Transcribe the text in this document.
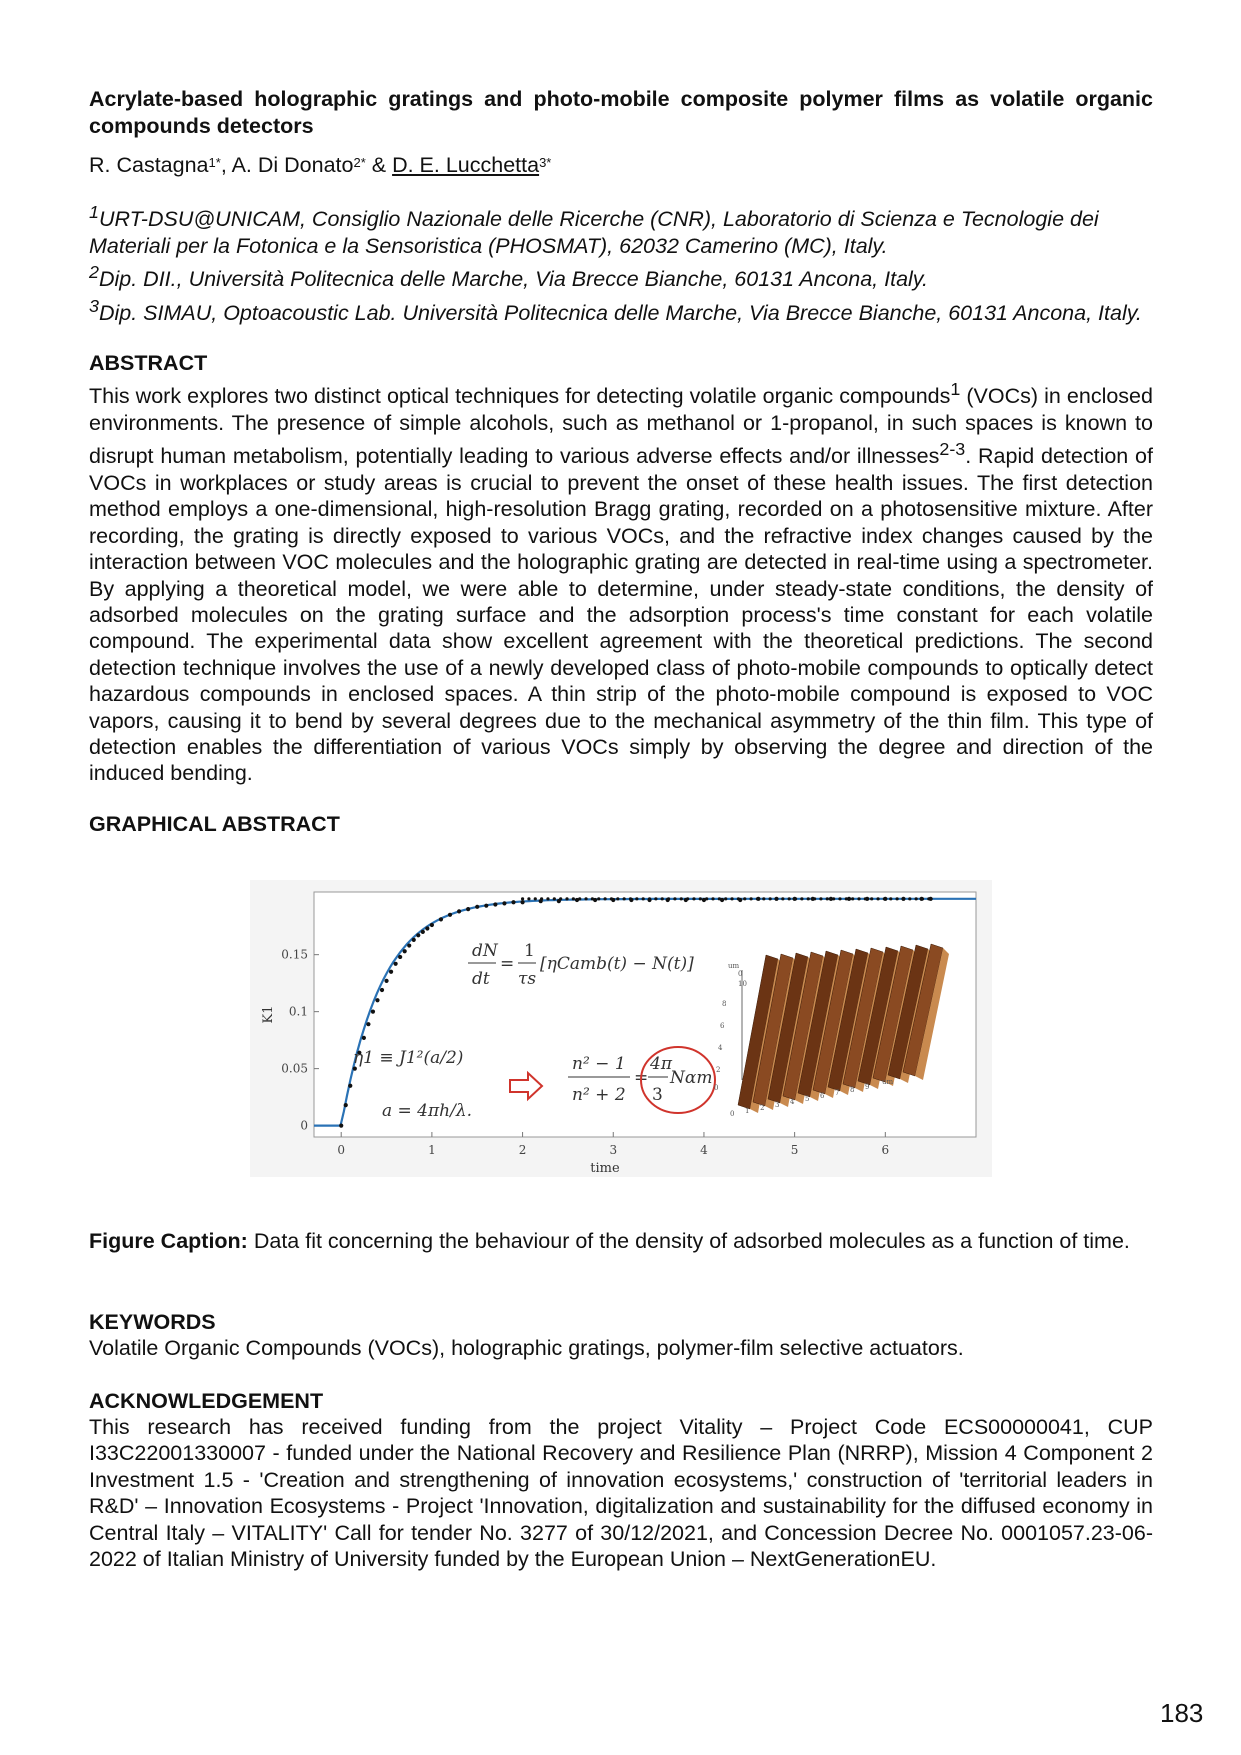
Acrylate-based holographic gratings and photo-mobile composite polymer films as volatile organic compounds detectors

R. Castagna$^{1*}$, A. Di Donato$^{2*}$ & D. E. Lucchetta$^{3*}$
$^1$URT-DSU@UNICAM, Consiglio Nazionale delle Ricerche (CNR), Laboratorio di Scienza e Tecnologie dei Materiali per la Fotonica e la Sensoristica (PHOSMAT), 62032 Camerino (MC), Italy.
$^2$Dip. DII., Università Politecnica delle Marche, Via Brecce Bianche, 60131 Ancona, Italy.
$^3$Dip. SIMAU, Optoacoustic Lab. Università Politecnica delle Marche, Via Brecce Bianche, 60131 Ancona, Italy.

ABSTRACT

This work explores two distinct optical techniques for detecting volatile organic compounds$^1$ (VOCs) in enclosed environments. The presence of simple alcohols, such as methanol or 1-propanol, in such spaces is known to disrupt human metabolism, potentially leading to various adverse effects and/or illnesses$^{2-3}$. Rapid detection of VOCs in workplaces or study areas is crucial to prevent the onset of these health issues. The first detection method employs a one-dimensional, high-resolution Bragg grating, recorded on a photosensitive mixture. After recording, the grating is directly exposed to various VOCs, and the refractive index changes caused by the interaction between VOC molecules and the holographic grating are detected in real-time using a spectrometer. By applying a theoretical model, we were able to determine, under steady-state conditions, the density of adsorbed molecules on the grating surface and the adsorption process's time constant for each volatile compound. The experimental data show excellent agreement with the theoretical predictions. The second detection technique involves the use of a newly developed class of photo-mobile compounds to optically detect hazardous compounds in enclosed spaces. A thin strip of the photo-mobile compound is exposed to VOC vapors, causing it to bend by several degrees due to the mechanical asymmetry of the thin film. This type of detection enables the differentiation of various VOCs simply by observing the degree and direction of the induced bending.

GRAPHICAL ABSTRACT

0
0.05
0.1
0.15
0	1	2	3	4	5	6
time
K1
dN
dt
=
1
τs
[ηCamb(t) − N(t)]
η1 ≡ J1²(a/2)
a = 4πh/λ.
n² − 1
n² + 2
=
4π
3
Nαm
um
0
10
8
6
4
2
0
0 1 2 3 4 5 6 7 8 9
um

Figure Caption: Data fit concerning the behaviour of the density of adsorbed molecules as a function of time.

KEYWORDS

Volatile Organic Compounds (VOCs), holographic gratings, polymer-film selective actuators.

ACKNOWLEDGEMENT

This research has received funding from the project Vitality – Project Code ECS00000041, CUP I33C22001330007 - funded under the National Recovery and Resilience Plan (NRRP), Mission 4 Component 2 Investment 1.5 - 'Creation and strengthening of innovation ecosystems,' construction of 'territorial leaders in R&D' – Innovation Ecosystems - Project 'Innovation, digitalization and sustainability for the diffused economy in Central Italy – VITALITY' Call for tender No. 3277 of 30/12/2021, and Concession Decree No. 0001057.23-06-2022 of Italian Ministry of University funded by the European Union – NextGenerationEU.

183
